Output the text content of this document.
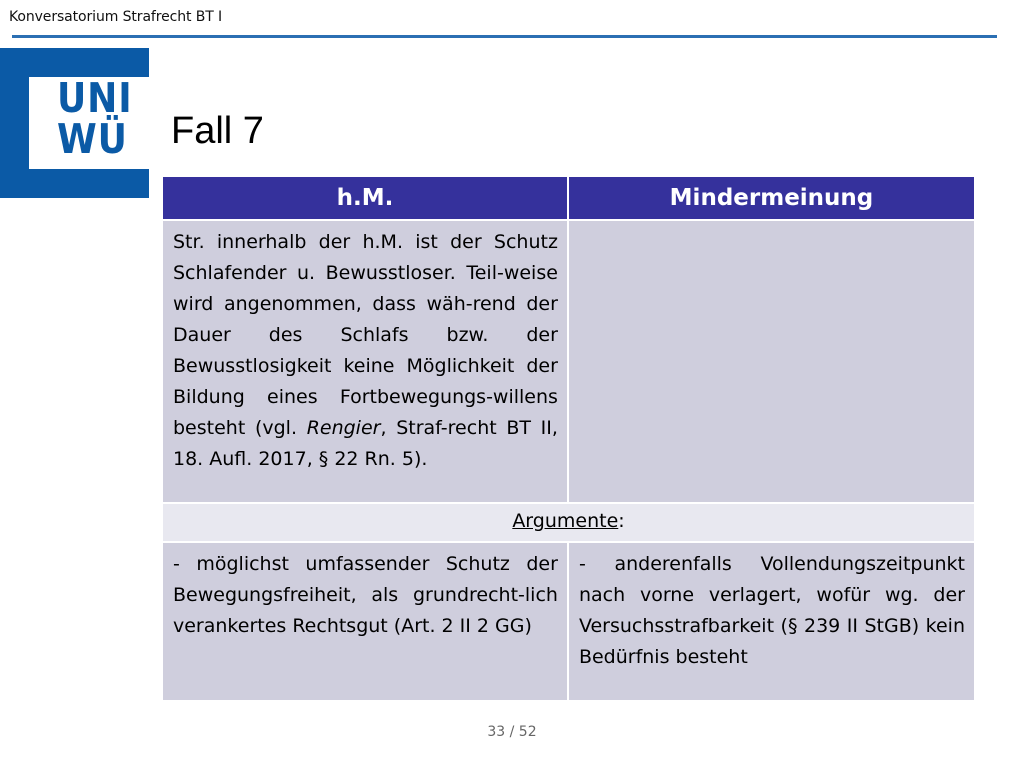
Konversatorium Strafrecht BT I
UNI
WÜ Fall 7
h.M.	Mindermeinung
Str. innerhalb der h.M. ist der Schutz Schlafender u. Bewusstloser. Teil-weise wird angenommen, dass wäh-rend der Dauer des Schlafs bzw. der Bewusstlosigkeit keine Möglichkeit der Bildung eines Fortbewegungs-willens besteht (vgl. Rengier, Straf-recht BT II, 18. Aufl. 2017, § 22 Rn. 5).	
Argumente:	
- möglichst umfassender Schutz der Bewegungsfreiheit, als grundrecht-lich verankertes Rechtsgut (Art. 2 II 2 GG)	- anderenfalls Vollendungszeitpunkt nach vorne verlagert, wofür wg. der Versuchsstrafbarkeit (§ 239 II StGB) kein Bedürfnis besteht
33 / 52
